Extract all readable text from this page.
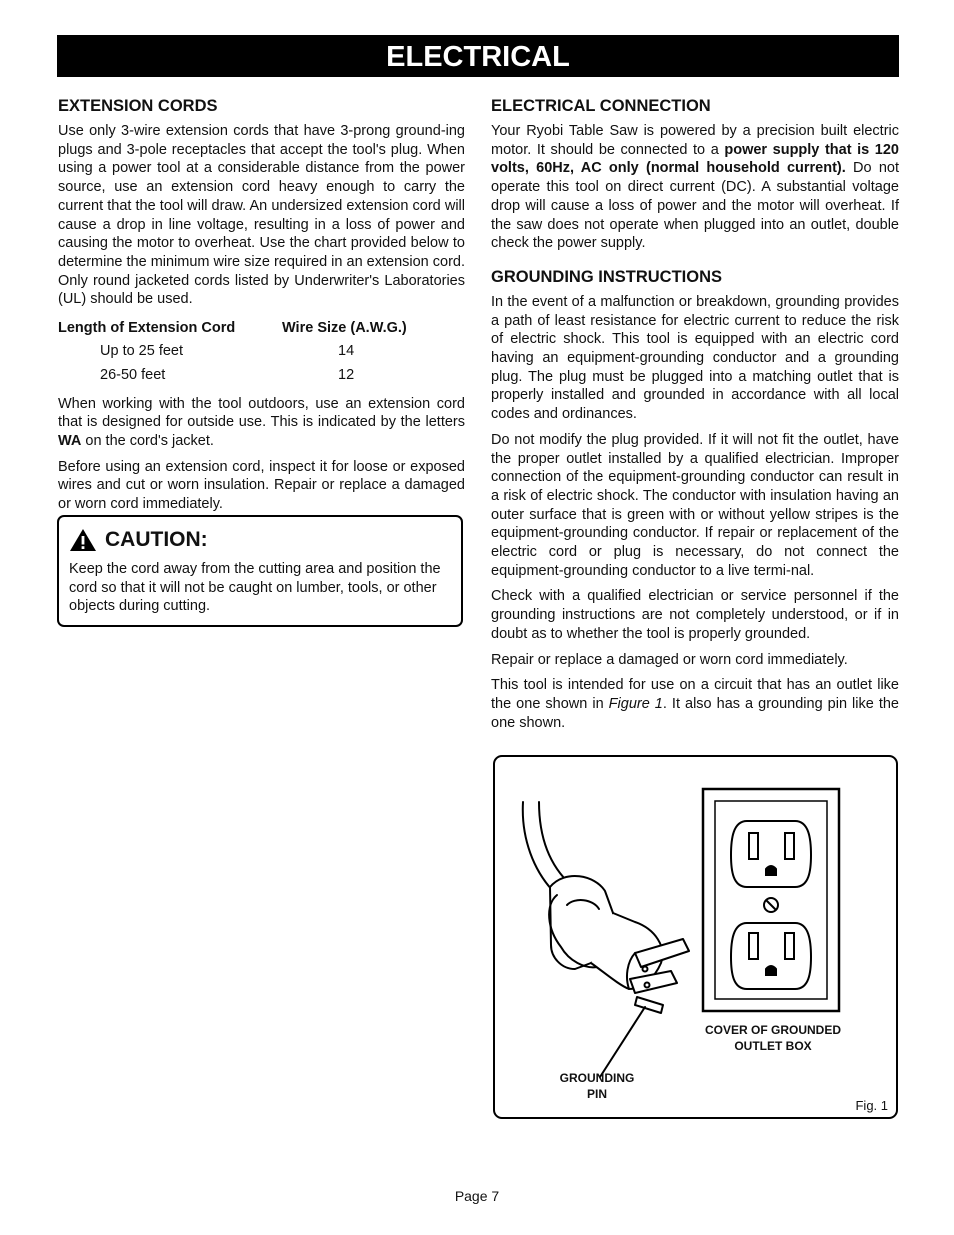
ELECTRICAL
EXTENSION CORDS

Use only 3-wire extension cords that have 3-prong ground-ing plugs and 3-pole receptacles that accept the tool's plug. When using a power tool at a considerable distance from the power source, use an extension cord heavy enough to carry the current that the tool will draw. An undersized extension cord will cause a drop in line voltage, resulting in a loss of power and causing the motor to overheat. Use the chart provided below to determine the minimum wire size required in an extension cord. Only round jacketed cords listed by Underwriter's Laboratories (UL) should be used.

Length of Extension Cord	Wire Size (A.W.G.)
Up to 25 feet	14
26-50 feet	12

When working with the tool outdoors, use an extension cord that is designed for outside use. This is indicated by the letters WA on the cord's jacket.

Before using an extension cord, inspect it for loose or exposed wires and cut or worn insulation. Repair or replace a damaged or worn cord immediately.

CAUTION:

Keep the cord away from the cutting area and position the cord so that it will not be caught on lumber, tools, or other objects during cutting.

ELECTRICAL CONNECTION

Your Ryobi Table Saw is powered by a precision built electric motor. It should be connected to a power supply that is 120 volts, 60Hz, AC only (normal household current). Do not operate this tool on direct current (DC). A substantial voltage drop will cause a loss of power and the motor will overheat. If the saw does not operate when plugged into an outlet, double check the power supply.

GROUNDING INSTRUCTIONS

In the event of a malfunction or breakdown, grounding provides a path of least resistance for electric current to reduce the risk of electric shock. This tool is equipped with an electric cord having an equipment-grounding conductor and a grounding plug. The plug must be plugged into a matching outlet that is properly installed and grounded in accordance with all local codes and ordinances.

Do not modify the plug provided. If it will not fit the outlet, have the proper outlet installed by a qualified electrician. Improper connection of the equipment-grounding conductor can result in a risk of electric shock. The conductor with insulation having an outer surface that is green with or without yellow stripes is the equipment-grounding conductor. If repair or replacement of the electric cord or plug is necessary, do not connect the equipment-grounding conductor to a live termi-nal.

Check with a qualified electrician or service personnel if the grounding instructions are not completely understood, or if in doubt as to whether the tool is properly grounded.

Repair or replace a damaged or worn cord immediately.

This tool is intended for use on a circuit that has an outlet like the one shown in Figure 1. It also has a grounding pin like the one shown.

COVER OF GROUNDED
OUTLET BOX
GROUNDING
PIN
Fig. 1
Page 7
